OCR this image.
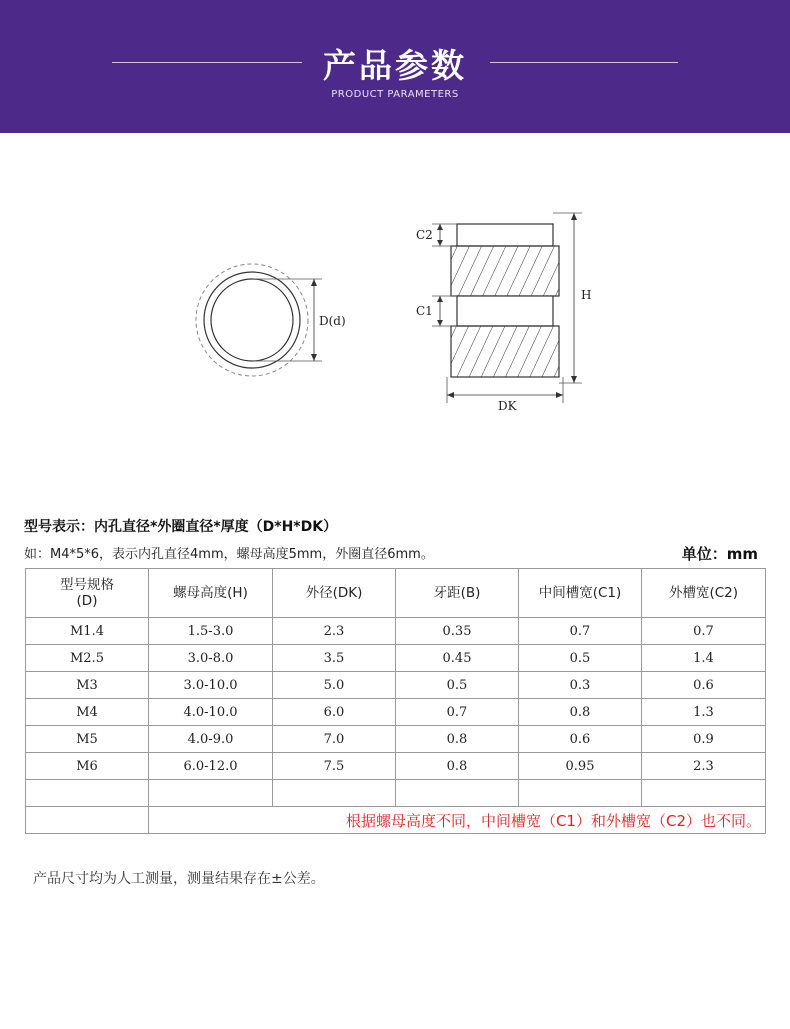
产品参数
PRODUCT PARAMETERS
D(d)
C2
C1
H
DK
型号表示：内孔直径*外圈直径*厚度（D*H*DK）
如：M4*5*6，表示内孔直径4mm，螺母高度5mm，外圈直径6mm。	单位：mm
型号规格
(D)	螺母高度(H)	外径(DK)	牙距(B)	中间槽宽(C1)	外槽宽(C2)
M1.4	1.5-3.0	2.3	0.35	0.7	0.7
M2.5	3.0-8.0	3.5	0.45	0.5	1.4
M3	3.0-10.0	5.0	0.5	0.3	0.6
M4	4.0-10.0	6.0	0.7	0.8	1.3
M5	4.0-9.0	7.0	0.8	0.6	0.9
M6	6.0-12.0	7.5	0.8	0.95	2.3

	根据螺母高度不同，中间槽宽（C1）和外槽宽（C2）也不同。				
产品尺寸均为人工测量，测量结果存在±公差。
